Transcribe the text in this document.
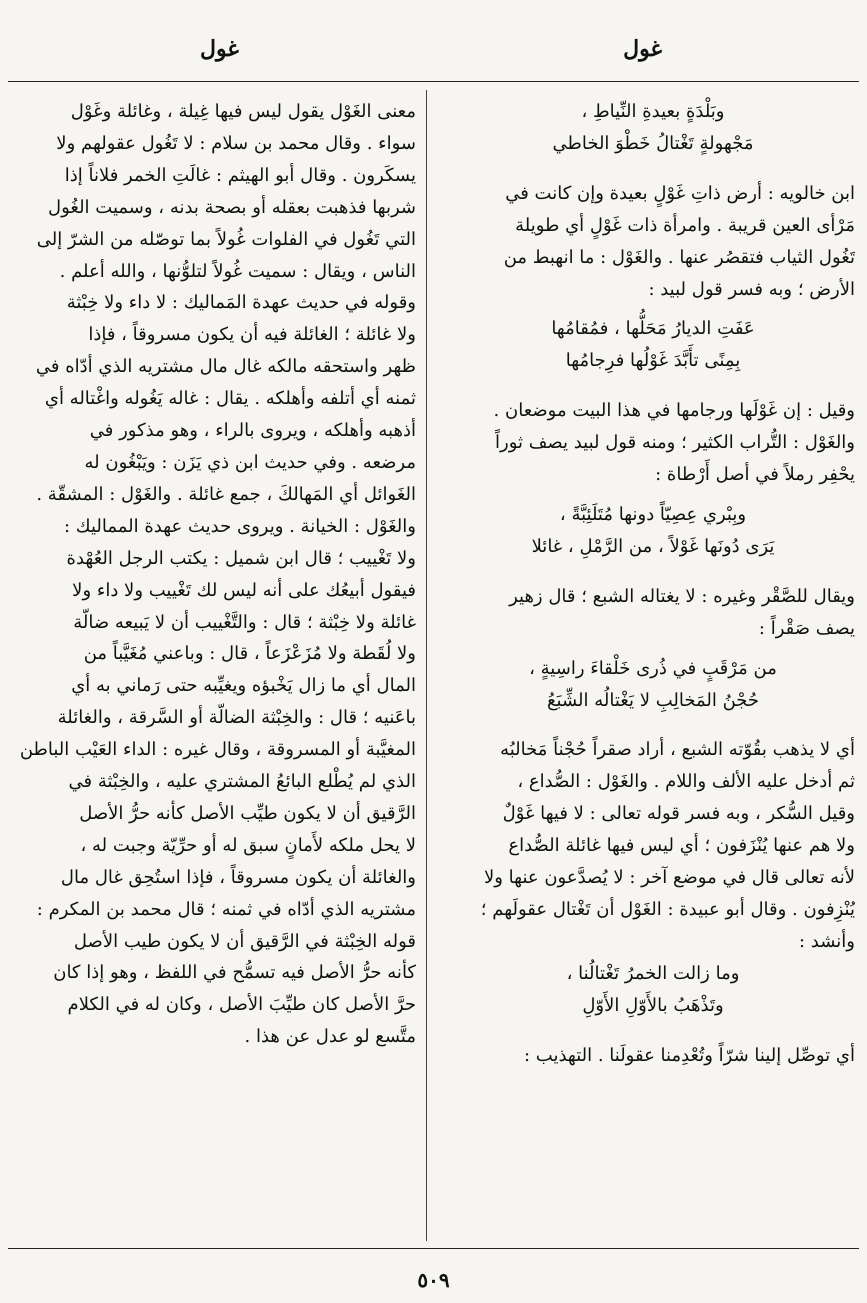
غول
غول
وبَلْدَةٍ بعيدةِ النِّياطِ ،
مَجْهولةٍ تَغْتالُ خَطْوَ الخاطي
ابن خالويه : أرض ذاتِ غَوْلٍ بعيدة وإن كانت في
مَرْأى العين قريبة . وامرأة ذات غَوْلٍ أي طويلة
تَغُول الثياب فتقصُر عنها . والغَوْل : ما انهبط من
الأرض ؛ وبه فسر قول لبيد :
عَفَتِ الديارُ مَحَلُّها ، فمُقامُها
بِمِنًى تأَبَّدَ غَوْلُها فرِجامُها
وقيل : إن غَوْلَها ورجامها في هذا البيت موضعان .
والغَوْل : التُّراب الكثير ؛ ومنه قول لبيد يصف ثوراً
يحْفِر رملاً في أصل أَرْطاة :
وبِبْري عِصِيّاً دونها مُتَلَئِبَّةً ،
يَرَى دُونَها غَوْلاً ، من الرَّمْلِ ، غائلا
ويقال للصَّقْر وغيره : لا يغتاله الشبع ؛ قال زهير
يصف صَقْراً :
من مَرْقَبٍ في ذُرى خَلْقاءَ راسِيةٍ ،
حُجْنُ المَخالِبِ لا يَغْتالُه الشِّبَعُ
أي لا يذهب بقُوّته الشبع ، أراد صقراً حُجْناً مَخالبُه
ثم أدخل عليه الألف واللام . والغَوْل : الصُّداع ،
وقيل السُّكر ، وبه فسر قوله تعالى : لا فيها غَوْلٌ
ولا هم عنها يُنْزَفون ؛ أي ليس فيها غائلة الصُّداع
لأنه تعالى قال في موضع آخر : لا يُصدَّعون عنها ولا
يُنْزِفون . وقال أبو عبيدة : الغَوْل أن تَغْتال عقولَهم ؛
وأنشد :
وما زالت الخمرُ تَغْتالُنا ،
وتَذْهَبُ بالأَوّلِ الأَوّلِ
أي توصِّل إلينا شرّاً وتُعْدِمنا عقولَنا . التهذيب :
معنى الغَوْل يقول ليس فيها غِيلة ، وغائلة وغَوْل
سواء . وقال محمد بن سلام : لا تَغُول عقولهم ولا
يسكَرون . وقال أبو الهيثم : غالَتِ الخمر فلاناً إذا
شربها فذهبت بعقله أو بصحة بدنه ، وسميت الغُول
التي تَغُول في الفلوات غُولاً بما توصّله من الشرّ إلى
الناس ، ويقال : سميت غُولاً لتلوُّنها ، والله أعلم .
وقوله في حديث عهدة المَماليك : لا داء ولا خِبْثة
ولا غائلة ؛ الغائلة فيه أن يكون مسروقاً ، فإذا
ظهر واستحقه مالكه غال مال مشتريه الذي أدّاه في
ثمنه أي أتلفه وأهلكه . يقال : غاله يَغُوله واغْتاله أي
أذهبه وأهلكه ، ويروى بالراء ، وهو مذكور في
مرضعه . وفي حديث ابن ذي يَزَن : ويَبْغُون له
الغَوائل أي المَهالكَ ، جمع غائلة . والغَوْل : المشقّة .
والغَوْل : الخيانة . ويروى حديث عهدة المماليك :
ولا تَغْييب ؛ قال ابن شميل : يكتب الرجل العُهْدة
فيقول أبيعُك على أنه ليس لك تَغْييب ولا داء ولا
غائلة ولا خِبْثة ؛ قال : والتَّغْييب أن لا يَبيعه ضالّة
ولا لُقَطة ولا مُزَعْزَعاً ، قال : وباعني مُغَيَّباً من
المال أي ما زال يَخْبؤه ويغيِّبه حتى رَماني به أي
باعَنيه ؛ قال : والخِبْثة الضالّة أو السَّرقة ، والغائلة
المغيَّبة أو المسروقة ، وقال غيره : الداء العَيْب الباطن
الذي لم يُطْلع البائعُ المشتري عليه ، والخِبْثة في
الرَّقيق أن لا يكون طيِّب الأصل كأنه حرُّ الأصل
لا يحل ملكه لأَمانٍ سبق له أو حرِّيّة وجبت له ،
والغائلة أن يكون مسروقاً ، فإذا استُحِق غال مال
مشتريه الذي أدّاه في ثمنه ؛ قال محمد بن المكرم :
قوله الخِبْثة في الرَّقيق أن لا يكون طيب الأصل
كأنه حرُّ الأصل فيه تسمُّح في اللفظ ، وهو إذا كان
حرَّ الأصل كان طيِّبَ الأصل ، وكان له في الكلام
متَّسع لو عدل عن هذا .
٥٠٩
